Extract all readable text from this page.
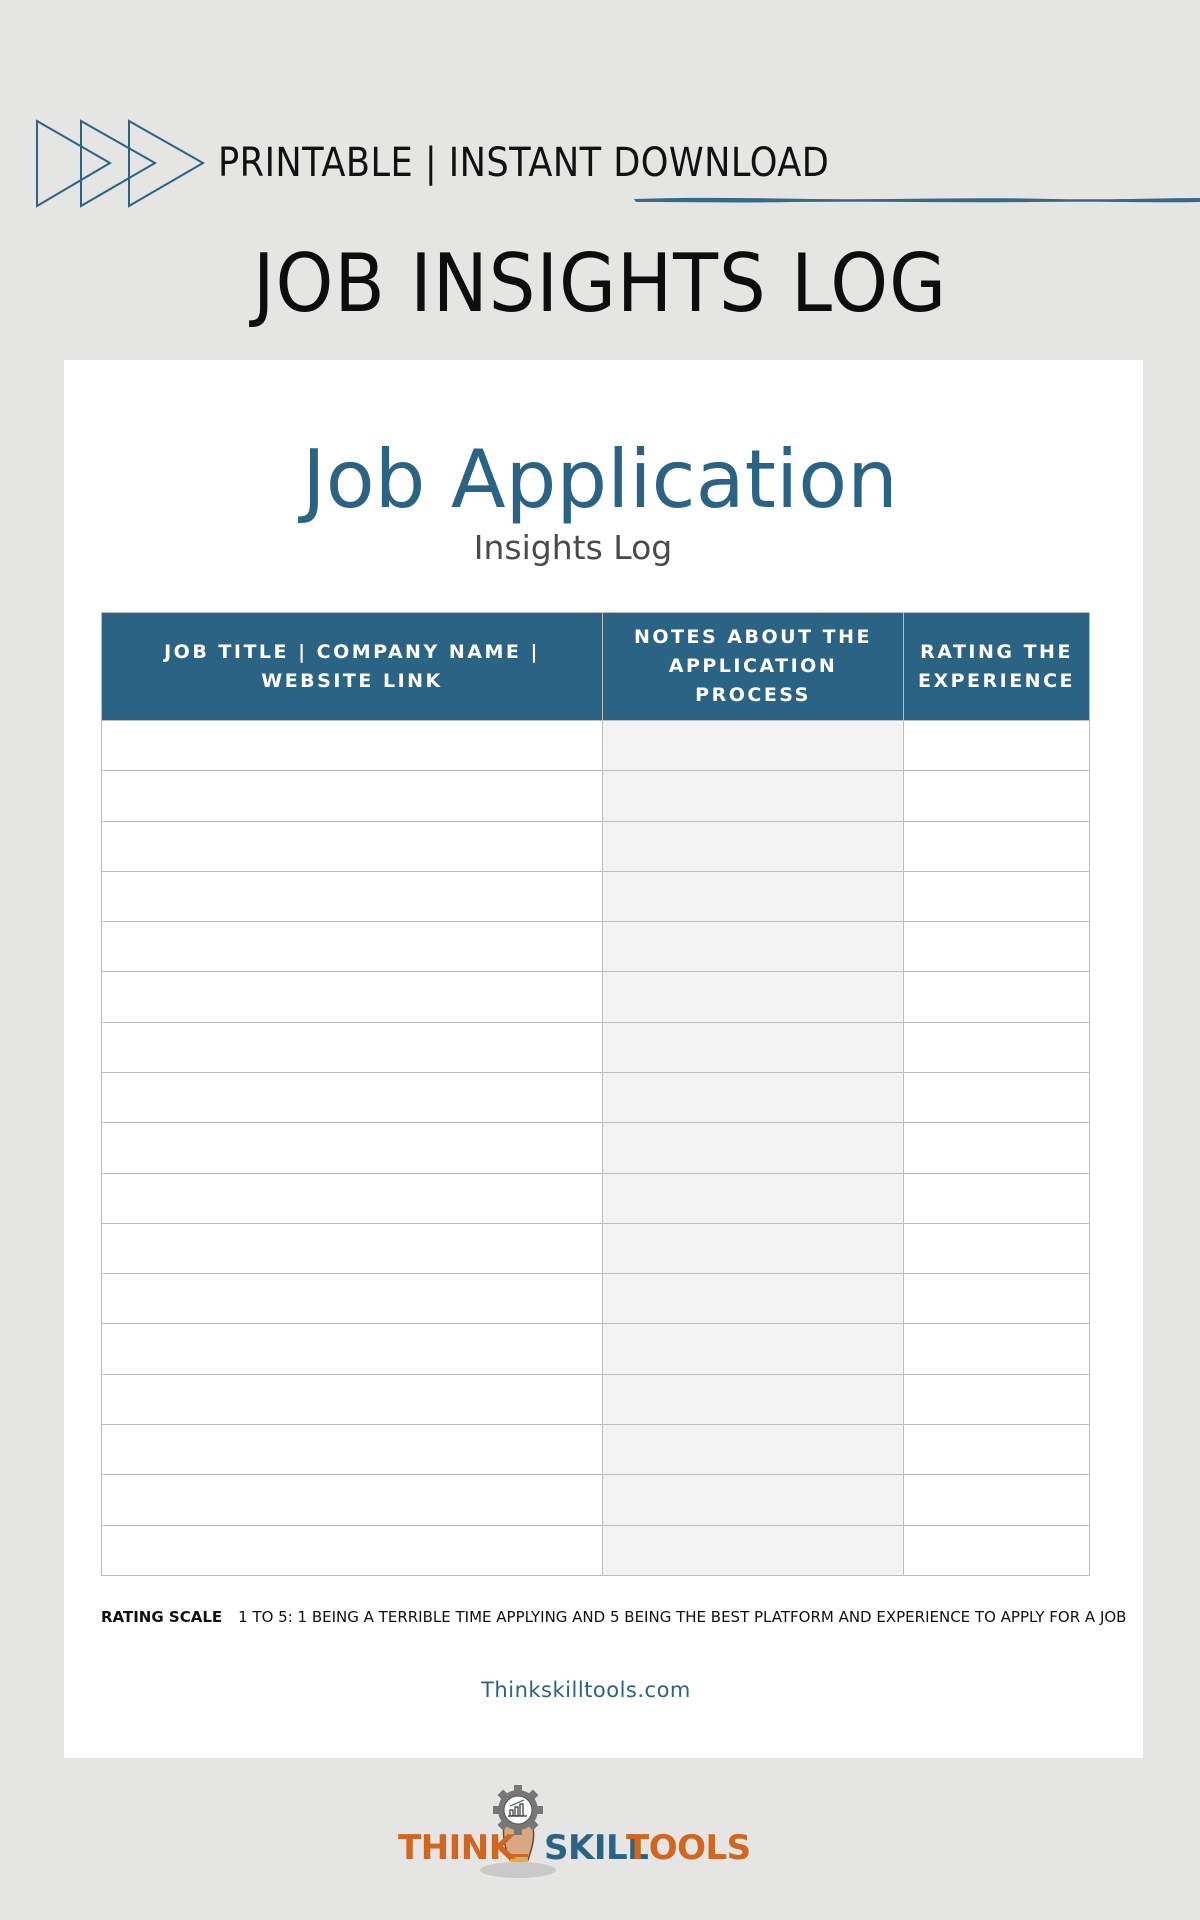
PRINTABLE | INSTANT DOWNLOAD
JOB INSIGHTS LOG
Job Application
Insights Log
JOB TITLE | COMPANY NAME | WEBSITE LINK	NOTES ABOUT THE APPLICATION PROCESS	RATING THE EXPERIENCE

RATING SCALE 1 TO 5: 1 BEING A TERRIBLE TIME APPLYING AND 5 BEING THE BEST PLATFORM AND EXPERIENCE TO APPLY FOR A JOB
Thinkskilltools.com
THINK SKILL
TOOLS
